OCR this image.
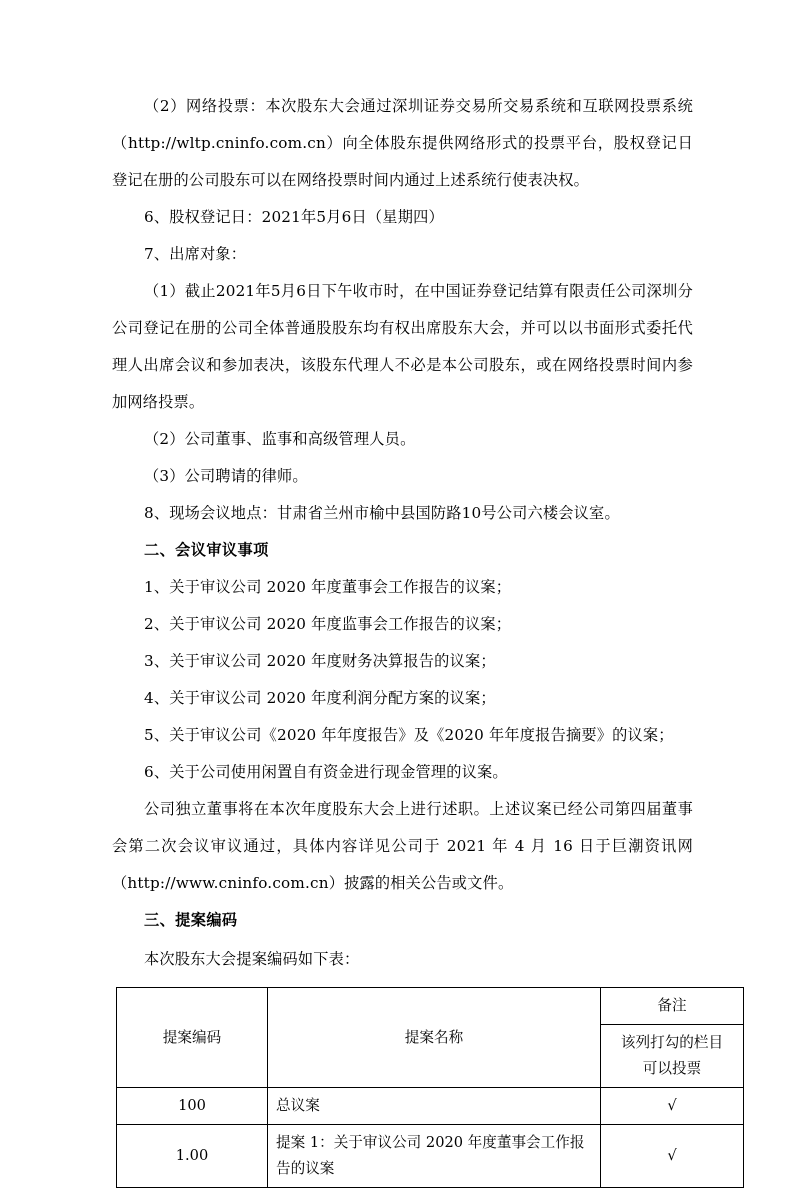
（2）网络投票：本次股东大会通过深圳证券交易所交易系统和互联网投票系统（http://wltp.cninfo.com.cn）向全体股东提供网络形式的投票平台，股权登记日登记在册的公司股东可以在网络投票时间内通过上述系统行使表决权。

6、股权登记日：2021年5月6日（星期四）

7、出席对象：

（1）截止2021年5月6日下午收市时，在中国证券登记结算有限责任公司深圳分公司登记在册的公司全体普通股股东均有权出席股东大会，并可以以书面形式委托代理人出席会议和参加表决，该股东代理人不必是本公司股东，或在网络投票时间内参加网络投票。

（2）公司董事、监事和高级管理人员。

（3）公司聘请的律师。

8、现场会议地点：甘肃省兰州市榆中县国防路10号公司六楼会议室。

二、会议审议事项

1、关于审议公司 2020 年度董事会工作报告的议案；

2、关于审议公司 2020 年度监事会工作报告的议案；

3、关于审议公司 2020 年度财务决算报告的议案；

4、关于审议公司 2020 年度利润分配方案的议案；

5、关于审议公司《2020 年年度报告》及《2020 年年度报告摘要》的议案；

6、关于公司使用闲置自有资金进行现金管理的议案。

公司独立董事将在本次年度股东大会上进行述职。上述议案已经公司第四届董事会第二次会议审议通过，具体内容详见公司于 2021 年 4 月 16 日于巨潮资讯网（http://www.cninfo.com.cn）披露的相关公告或文件。

三、提案编码

本次股东大会提案编码如下表：

提案编码	提案名称	备注

		该列打勾的栏目
可以投票

100	总议案	√
1.00	提案 1：关于审议公司 2020 年度董事会工作报告的议案	√
